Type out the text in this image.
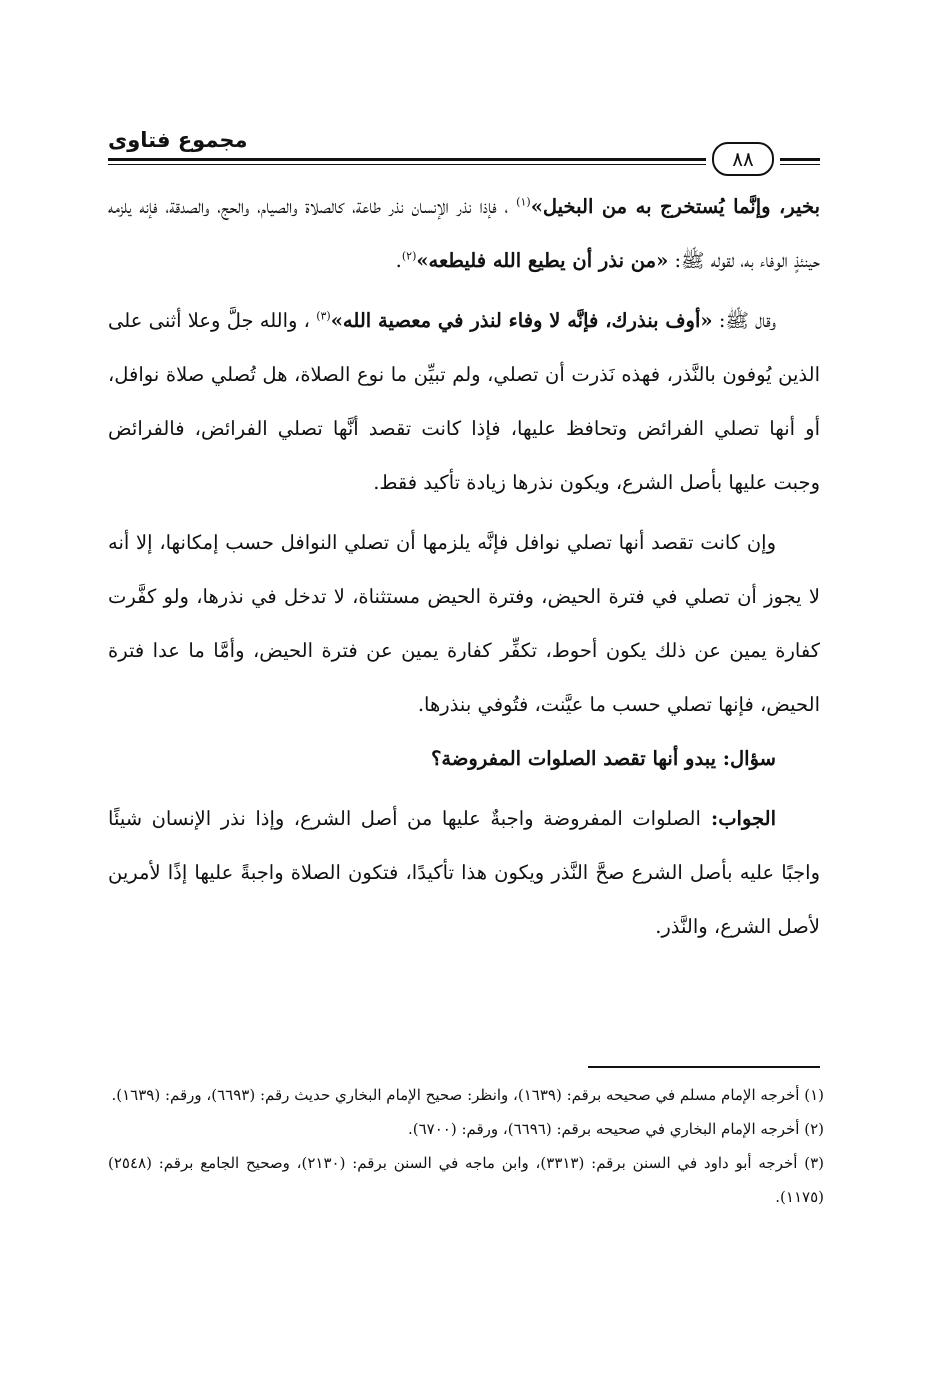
مجموع فتاوى
٨٨

بخير، وإنَّما يُستخرج به من البخيل»$^{(١)}$ ، فإذا نذر الإنسان نذر طاعة، كالصلاة والصيام، والحج، والصدقة، فإنه يلزمه حينئذٍ الوفاء به، لقوله ﷺ: «من نذر أن يطيع الله فليطعه»$^{(٢)}$.

وقال ﷺ: «أوف بنذرك، فإنَّه لا وفاء لنذر في معصية الله»$^{(٣)}$ ، والله جلَّ وعلا أثنى على الذين يُوفون بالنَّذر، فهذه نَذرت أن تصلي، ولم تبيِّن ما نوع الصلاة، هل تُصلي صلاة نوافل، أو أنها تصلي الفرائض وتحافظ عليها، فإذا كانت تقصد أنَّها تصلي الفرائض، فالفرائض وجبت عليها بأصل الشرع، ويكون نذرها زيادة تأكيد فقط.

وإن كانت تقصد أنها تصلي نوافل فإنَّه يلزمها أن تصلي النوافل حسب إمكانها، إلا أنه لا يجوز أن تصلي في فترة الحيض، وفترة الحيض مستثناة، لا تدخل في نذرها، ولو كفَّرت كفارة يمين عن ذلك يكون أحوط، تكفِّر كفارة يمين عن فترة الحيض، وأمَّا ما عدا فترة الحيض، فإنها تصلي حسب ما عيَّنت، فتُوفي بنذرها.

سؤال: يبدو أنها تقصد الصلوات المفروضة؟

الجواب: الصلوات المفروضة واجبةٌ عليها من أصل الشرع، وإذا نذر الإنسان شيئًا واجبًا عليه بأصل الشرع صحَّ النَّذر ويكون هذا تأكيدًا، فتكون الصلاة واجبةً عليها إذًا لأمرين لأصل الشرع، والنَّذر.

(١) أخرجه الإمام مسلم في صحيحه برقم: (١٦٣٩)، وانظر: صحيح الإمام البخاري حديث رقم: (٦٦٩٣)، ورقم: (١٦٣٩).

(٢) أخرجه الإمام البخاري في صحيحه برقم: (٦٦٩٦)، ورقم: (٦٧٠٠).

(٣) أخرجه أبو داود في السنن برقم: (٣٣١٣)، وابن ماجه في السنن برقم: (٢١٣٠)، وصحيح الجامع برقم: (٢٥٤٨) (١١٧٥).
